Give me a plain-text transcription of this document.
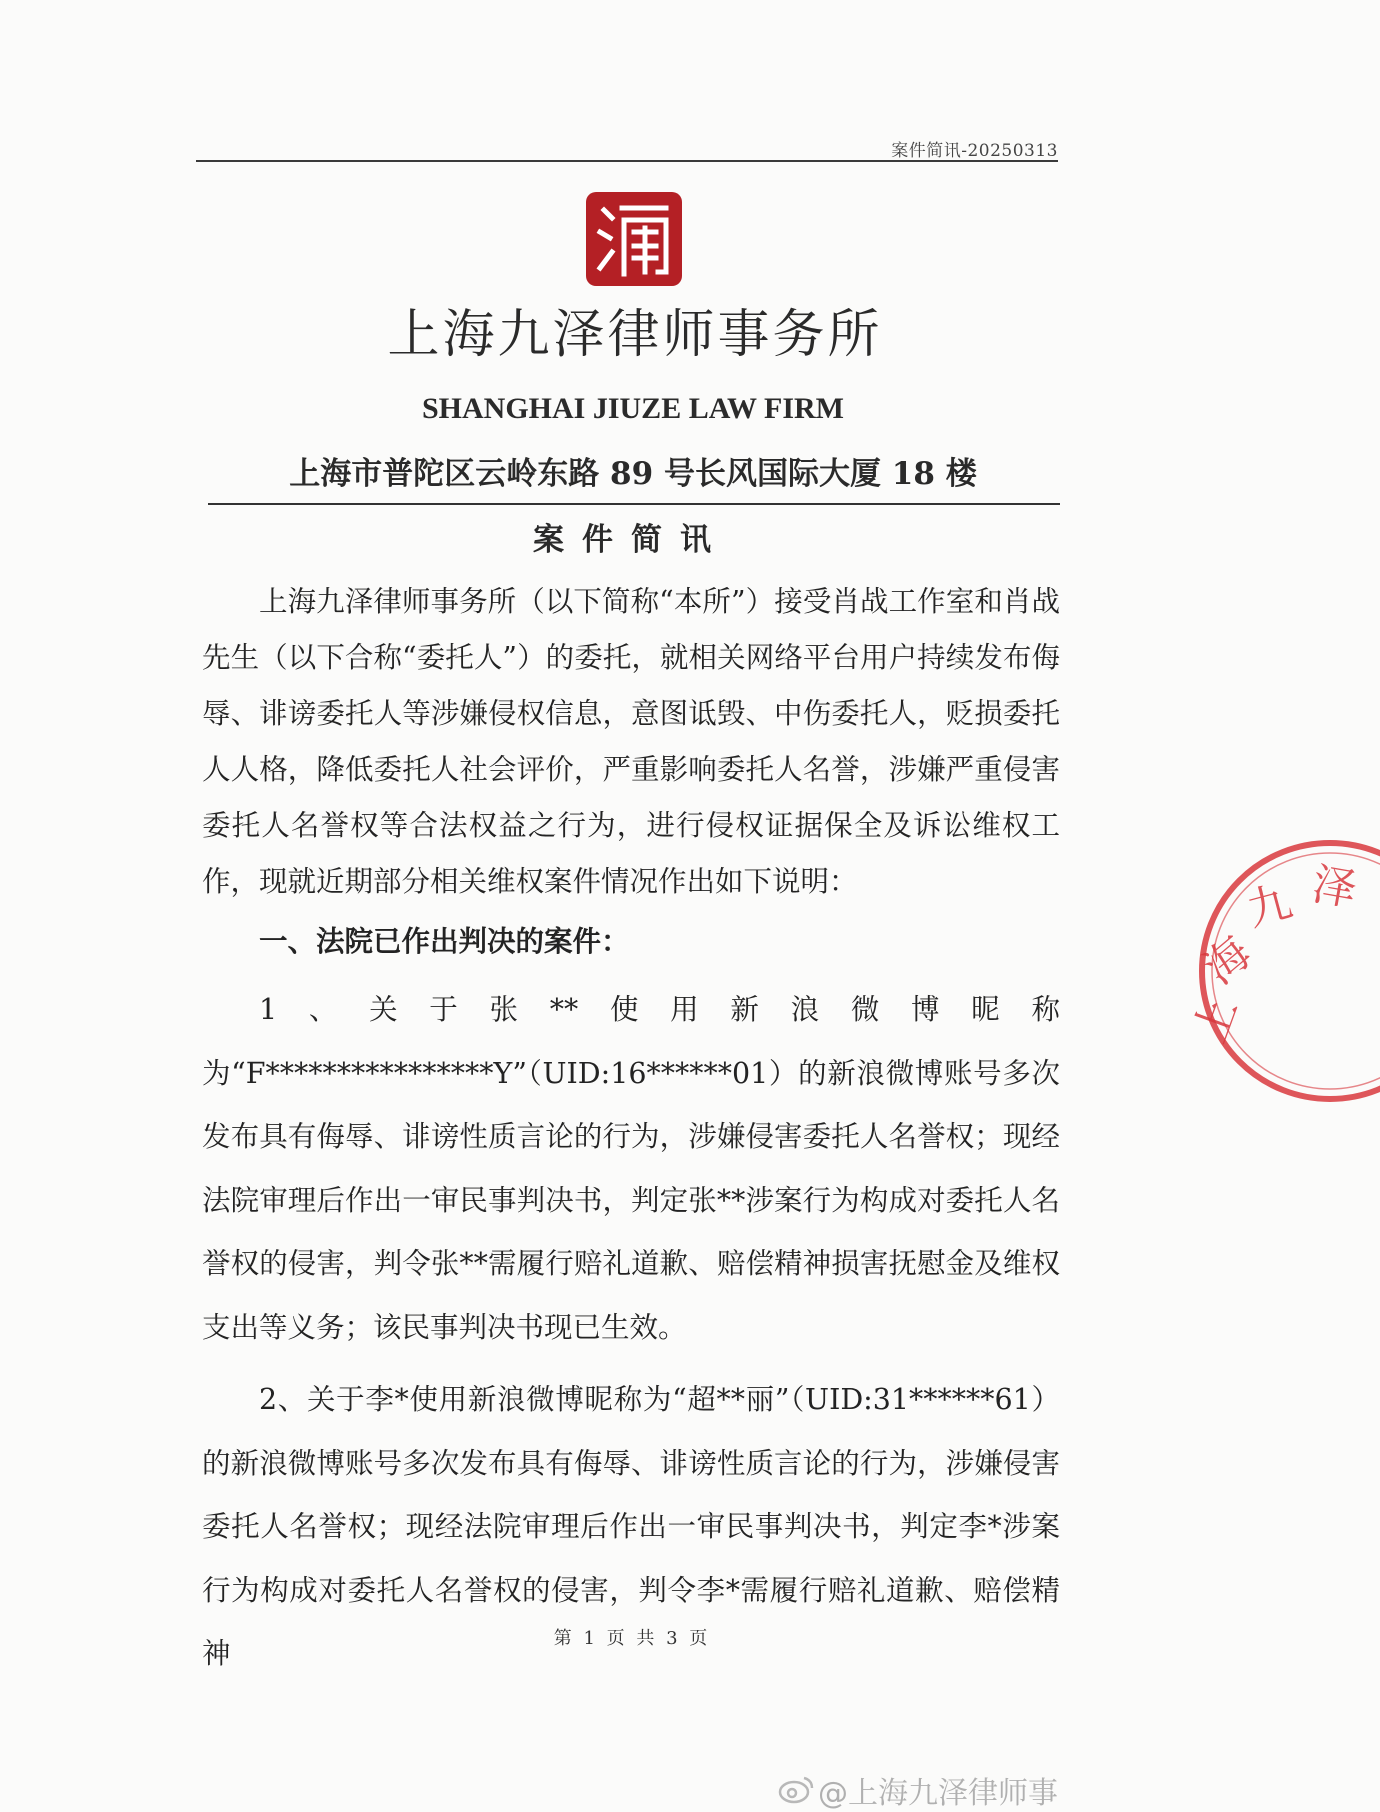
案件简讯-20250313
上海九泽律师事务所
SHANGHAI JIUZE LAW FIRM
上海市普陀区云岭东路 89 号长风国际大厦 18 楼
案件简讯

上海九泽律师事务所（以下简称“本所”）接受肖战工作室和肖战先生（以下合称“委托人”）的委托，就相关网络平台用户持续发布侮辱、诽谤委托人等涉嫌侵权信息，意图诋毁、中伤委托人，贬损委托人人格，降低委托人社会评价，严重影响委托人名誉，涉嫌严重侵害委托人名誉权等合法权益之行为，进行侵权证据保全及诉讼维权工作，现就近期部分相关维权案件情况作出如下说明：

一、法院已作出判决的案件：

1、关于张**使用新浪微博昵称为“F****************Y”（UID:16******01）的新浪微博账号多次发布具有侮辱、诽谤性质言论的行为，涉嫌侵害委托人名誉权；现经法院审理后作出一审民事判决书，判定张**涉案行为构成对委托人名誉权的侵害，判令张**需履行赔礼道歉、赔偿精神损害抚慰金及维权支出等义务；该民事判决书现已生效。

2、关于李*使用新浪微博昵称为“超**丽”（UID:31******61）的新浪微博账号多次发布具有侮辱、诽谤性质言论的行为，涉嫌侵害委托人名誉权；现经法院审理后作出一审民事判决书，判定李*涉案行为构成对委托人名誉权的侵害，判令李*需履行赔礼道歉、赔偿精神	第 1 页 共 3 页
上
海
九 泽
@上海九泽律师事
